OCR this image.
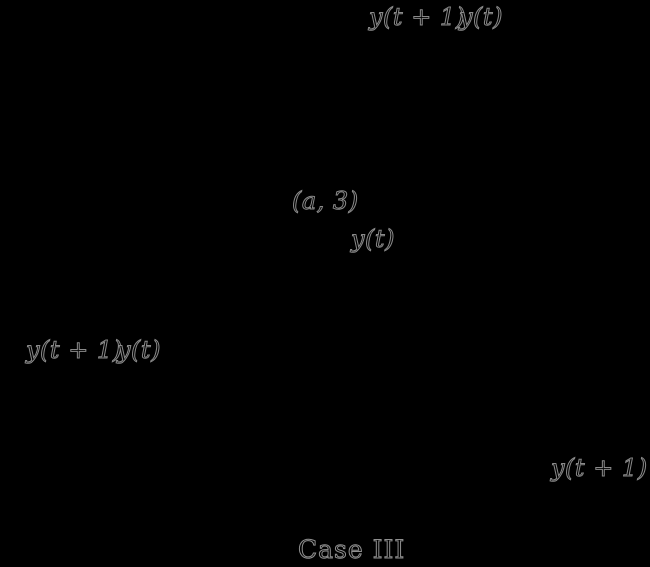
y(t + 1)
y(t)
(a, 3)
y(t)
y(t + 1)
y(t)
y(t + 1)
Case III
